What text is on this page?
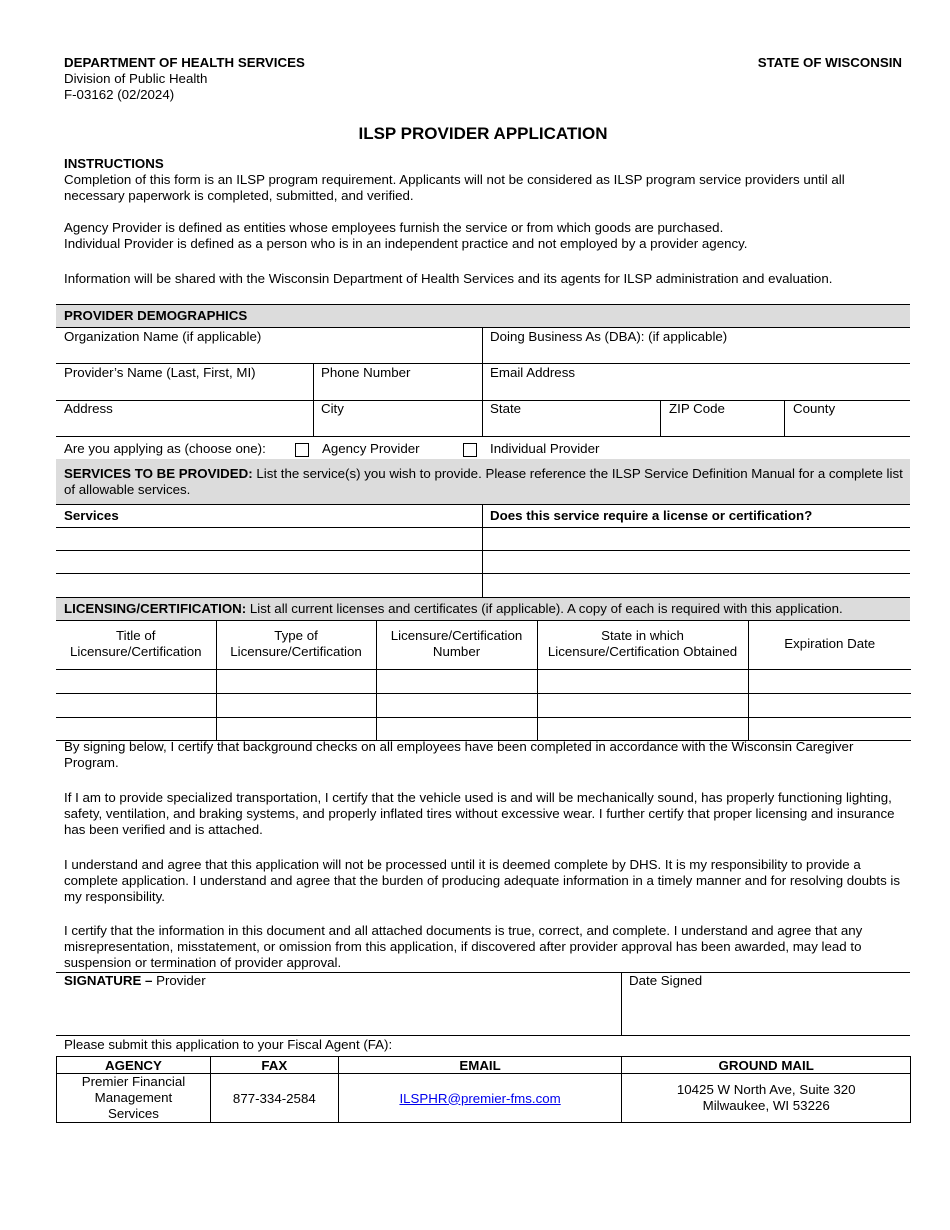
DEPARTMENT OF HEALTH SERVICES
Division of Public Health
F-03162 (02/2024)
STATE OF WISCONSIN
ILSP PROVIDER APPLICATION
INSTRUCTIONS

Completion of this form is an ILSP program requirement. Applicants will not be considered as ILSP program service providers until all necessary paperwork is completed, submitted, and verified.

Agency Provider is defined as entities whose employees furnish the service or from which goods are purchased.

Individual Provider is defined as a person who is in an independent practice and not employed by a provider agency.

Information will be shared with the Wisconsin Department of Health Services and its agents for ILSP administration and evaluation.

PROVIDER DEMOGRAPHICS
Organization Name (if applicable)	Doing Business As (DBA): (if applicable)
Provider’s Name (Last, First, MI)	Phone Number	Email Address
Address	City	State	ZIP Code	County
Are you applying as (choose one):	Agency Provider	Individual Provider
SERVICES TO BE PROVIDED: List the service(s) you wish to provide. Please reference the ILSP Service Definition Manual for a complete list of allowable services.
Services	Does this service require a license or certification?
LICENSING/CERTIFICATION: List all current licenses and certificates (if applicable). A copy of each is required with this application.
Title of Licensure/Certification	Type of Licensure/Certification	Licensure/Certification Number	State in which Licensure/Certification Obtained	Expiration Date

By signing below, I certify that background checks on all employees have been completed in accordance with the Wisconsin Caregiver Program.

If I am to provide specialized transportation, I certify that the vehicle used is and will be mechanically sound, has properly functioning lighting, safety, ventilation, and braking systems, and properly inflated tires without excessive wear. I further certify that proper licensing and insurance has been verified and is attached.

I understand and agree that this application will not be processed until it is deemed complete by DHS. It is my responsibility to provide a complete application. I understand and agree that the burden of producing adequate information in a timely manner and for resolving doubts is my responsibility.

I certify that the information in this document and all attached documents is true, correct, and complete. I understand and agree that any misrepresentation, misstatement, or omission from this application, if discovered after provider approval has been awarded, may lead to suspension or termination of provider approval.

SIGNATURE – Provider	Date Signed
Please submit this application to your Fiscal Agent (FA):
AGENCY	FAX	EMAIL	GROUND MAIL
Premier Financial Management Services	877-334-2584	ILSPHR@premier-fms.com	10425 W North Ave, Suite 320
Milwaukee, WI 53226
